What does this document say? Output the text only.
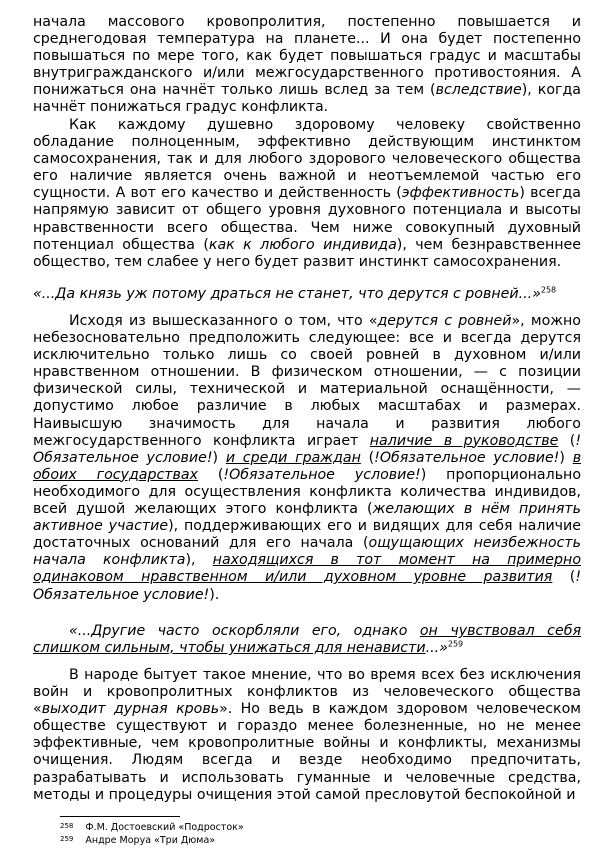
начала массового кровопролития, постепенно повышается и среднегодовая температура на планете... И она будет постепенно повышаться по мере того, как будет повышаться градус и масштабы внутригражданского и/или межгосударственного противостояния. А понижаться она начнёт только лишь вслед за тем (вследствие), когда начнёт понижаться градус конфликта.

Как каждому душевно здоровому человеку свойственно обладание полноценным, эффективно действующим инстинктом самосохранения, так и для любого здорового человеческого общества его наличие является очень важной и неотъемлемой частью его сущности. А вот его качество и действенность (эффективность) всегда напрямую зависит от общего уровня духовного потенциала и высоты нравственности всего общества. Чем ниже совокупный духовный потенциал общества (как к любого индивида), чем безнравственнее общество, тем слабее у него будет развит инстинкт самосохранения.

«...Да князь уж потому драться не станет, что дерутся с ровней...»$^{258}$

Исходя из вышесказанного о том, что «дерутся с ровней», можно небезосновательно предположить следующее: все и всегда дерутся исключительно только лишь со своей ровней в духовном и/или нравственном отношении. В физическом отношении, — с позиции физической силы, технической и материальной оснащённости, — допустимо любое различие в любых масштабах и размерах. Наивысшую значимость для начала и развития любого межгосударственного конфликта играет наличие в руководстве (!Обязательное условие!) и среди граждан (!Обязательное условие!) в обоих государствах (!Обязательное условие!) пропорционально необходимого для осуществления конфликта количества индивидов, всей душой желающих этого конфликта (желающих в нём принять активное участие), поддерживающих его и видящих для себя наличие достаточных оснований для его начала (ощущающих неизбежность начала конфликта), находящихся в тот момент на примерно одинаковом нравственном и/или духовном уровне развития (! Обязательное условие!).

«...Другие часто оскорбляли его, однако он чувствовал себя слишком сильным, чтобы унижаться для ненависти...»$^{259}$

В народе бытует такое мнение, что во время всех без исключения войн и кровопролитных конфликтов из человеческого общества «выходит дурная кровь». Но ведь в каждом здоровом человеческом обществе существуют и гораздо менее болезненные, но не менее эффективные, чем кровопролитные войны и конфликты, механизмы очищения. Людям всегда и везде необходимо предпочитать, разрабатывать и использовать гуманные и человечные средства, методы и процедуры очищения этой самой пресловутой беспокойной и

$^{258}$ Ф.М. Достоевский «Подросток»
$^{259}$ Андре Моруа «Три Дюма»
